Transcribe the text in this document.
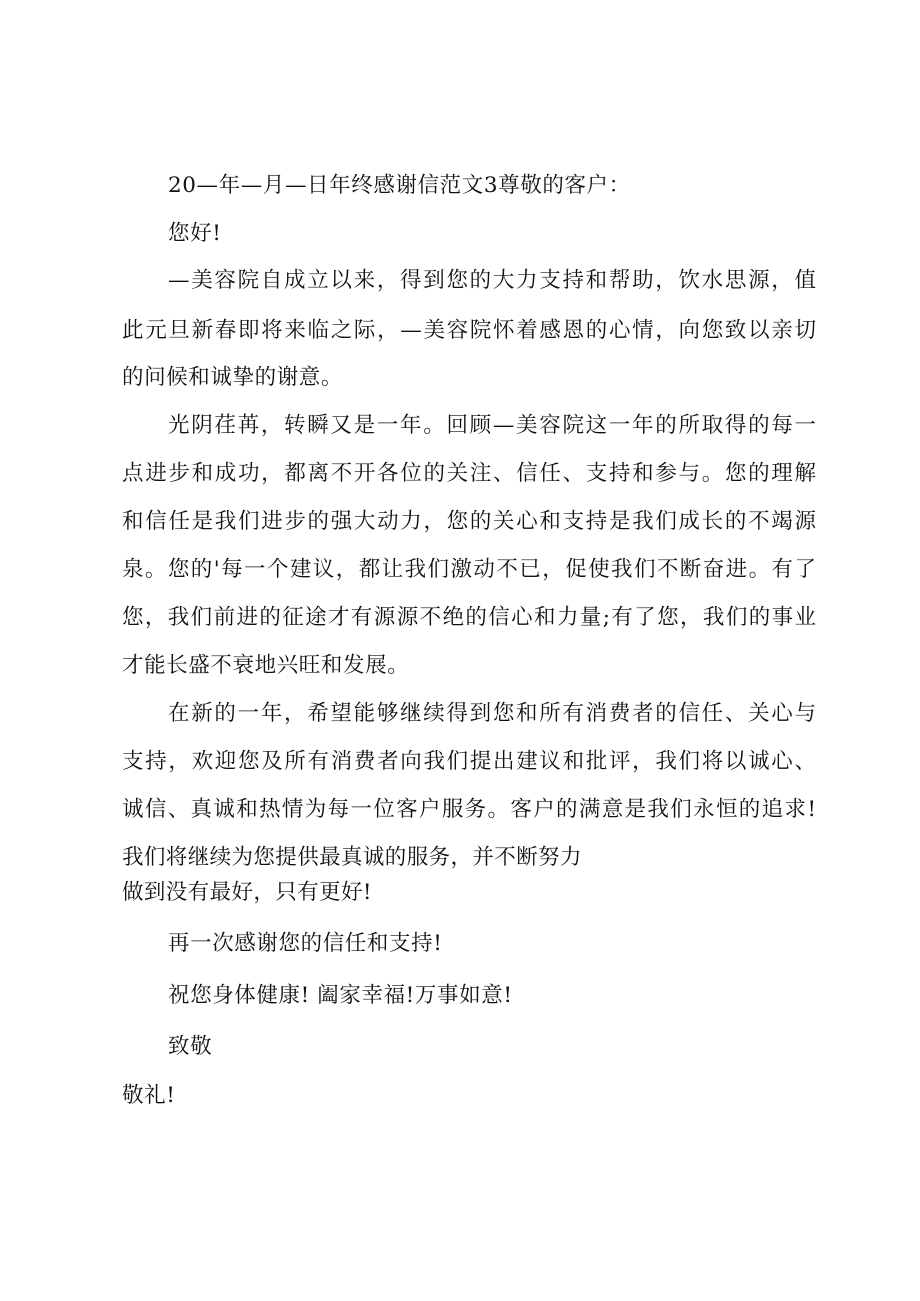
20—年—月—日年终感谢信范文3尊敬的客户：
您好!
—美容院自成立以来，得到您的大力支持和帮助，饮水思源，值
此元旦新春即将来临之际，—美容院怀着感恩的心情，向您致以亲切
的问候和诚挚的谢意。
光阴荏苒，转瞬又是一年。回顾—美容院这一年的所取得的每一
点进步和成功，都离不开各位的关注、信任、支持和参与。您的理解
和信任是我们进步的强大动力，您的关心和支持是我们成长的不竭源
泉。您的'每一个建议，都让我们激动不已，促使我们不断奋进。有了
您，我们前进的征途才有源源不绝的信心和力量;有了您，我们的事业
才能长盛不衰地兴旺和发展。
在新的一年，希望能够继续得到您和所有消费者的信任、关心与
支持，欢迎您及所有消费者向我们提出建议和批评，我们将以诚心、
诚信、真诚和热情为每一位客户服务。客户的满意是我们永恒的追求!
我们将继续为您提供最真诚的服务，并不断努力
做到没有最好，只有更好!
再一次感谢您的信任和支持!
祝您身体健康! 阖家幸福!万事如意!
致敬
敬礼!
